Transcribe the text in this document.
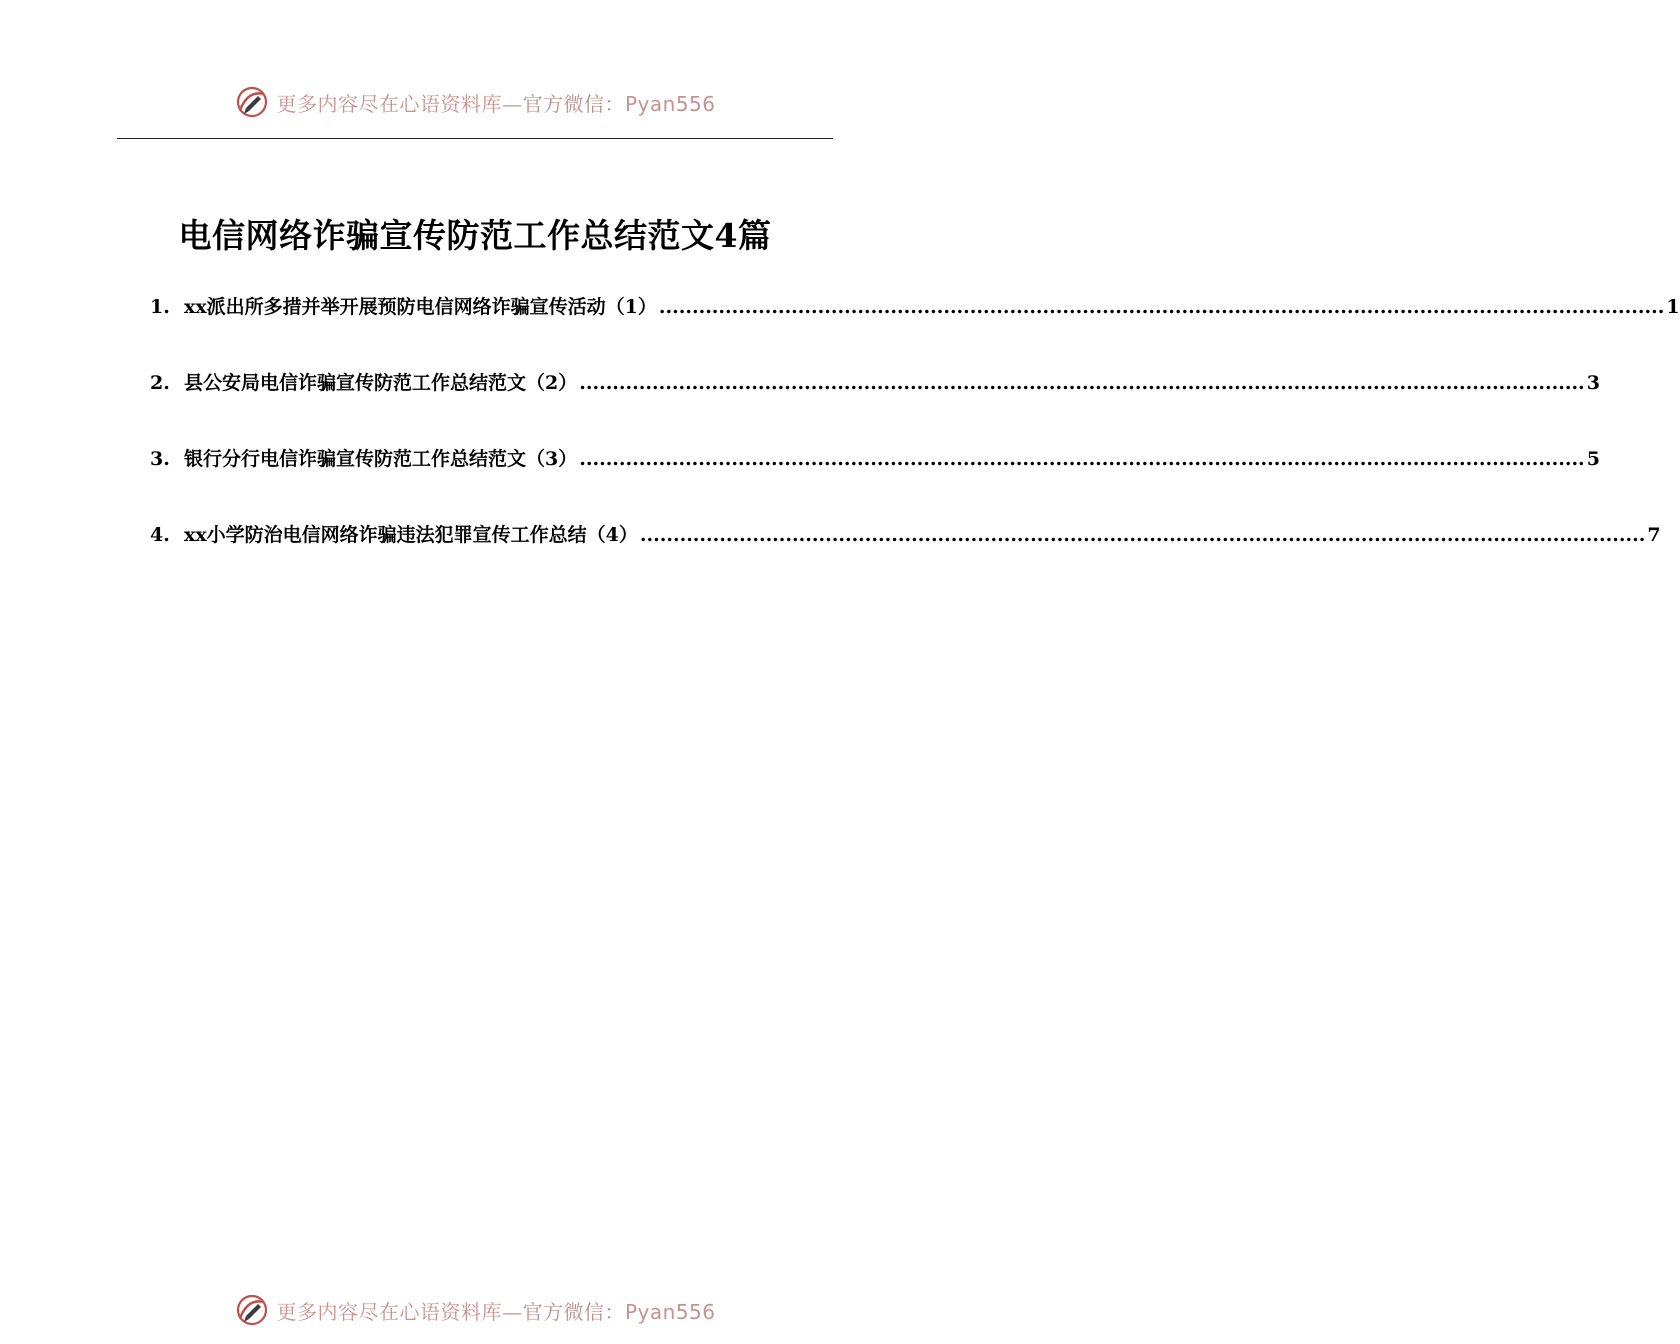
更多内容尽在心语资料库—官方微信：Pyan556
电信网络诈骗宣传防范工作总结范文4篇
1. xx派出所多措并举开展预防电信网络诈骗宣传活动（1） .....	1
2. 县公安局电信诈骗宣传防范工作总结范文（2） .....	3
3. 银行分行电信诈骗宣传防范工作总结范文（3） .....	5
4. xx小学防治电信网络诈骗违法犯罪宣传工作总结（4） .....	7
更多内容尽在心语资料库—官方微信：Pyan556
